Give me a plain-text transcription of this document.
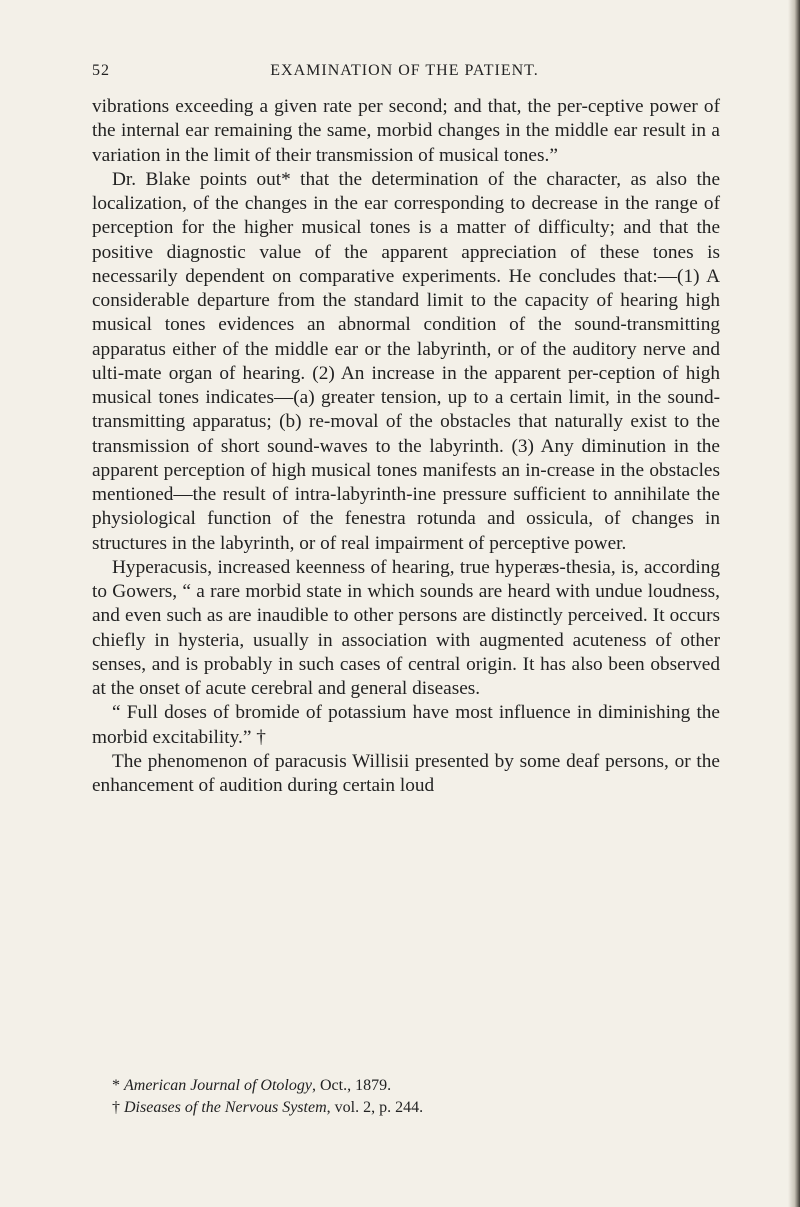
52	EXAMINATION OF THE PATIENT.

vibrations exceeding a given rate per second; and that, the per-ceptive power of the internal ear remaining the same, morbid changes in the middle ear result in a variation in the limit of their transmission of musical tones.”

Dr. Blake points out* that the determination of the character, as also the localization, of the changes in the ear corresponding to decrease in the range of perception for the higher musical tones is a matter of difficulty; and that the positive diagnostic value of the apparent appreciation of these tones is necessarily dependent on comparative experiments. He concludes that:—(1) A considerable departure from the standard limit to the capacity of hearing high musical tones evidences an abnormal condition of the sound-transmitting apparatus either of the middle ear or the labyrinth, or of the auditory nerve and ulti-mate organ of hearing. (2) An increase in the apparent per-ception of high musical tones indicates—(a) greater tension, up to a certain limit, in the sound-transmitting apparatus; (b) re-moval of the obstacles that naturally exist to the transmission of short sound-waves to the labyrinth. (3) Any diminution in the apparent perception of high musical tones manifests an in-crease in the obstacles mentioned—the result of intra-labyrinth-ine pressure sufficient to annihilate the physiological function of the fenestra rotunda and ossicula, of changes in structures in the labyrinth, or of real impairment of perceptive power.

Hyperacusis, increased keenness of hearing, true hyperæs-thesia, is, according to Gowers, “ a rare morbid state in which sounds are heard with undue loudness, and even such as are inaudible to other persons are distinctly perceived. It occurs chiefly in hysteria, usually in association with augmented acuteness of other senses, and is probably in such cases of central origin. It has also been observed at the onset of acute cerebral and general diseases.

“ Full doses of bromide of potassium have most influence in diminishing the morbid excitability.” †

The phenomenon of paracusis Willisii presented by some deaf persons, or the enhancement of audition during certain loud

* American Journal of Otology, Oct., 1879.

† Diseases of the Nervous System, vol. 2, p. 244.
